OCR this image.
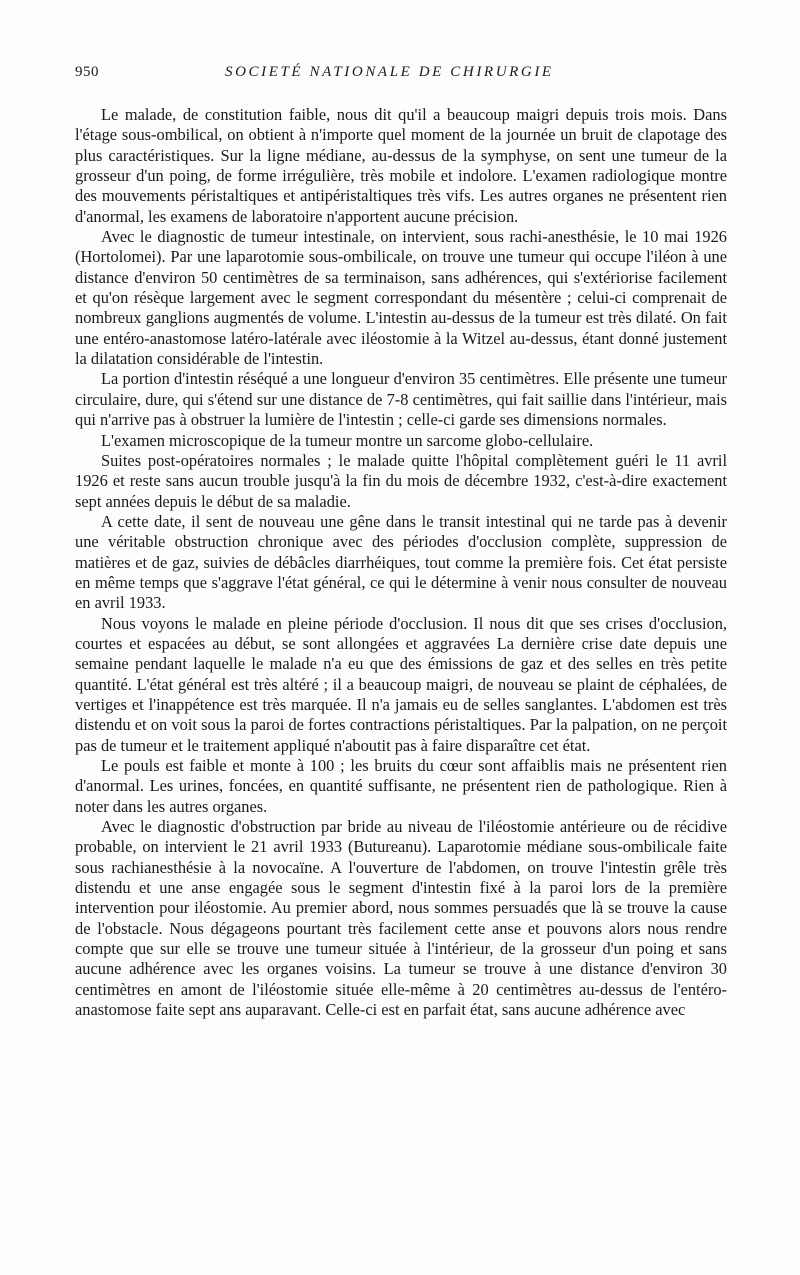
950	SOCIETÉ NATIONALE DE CHIRURGIE

Le malade, de constitution faible, nous dit qu'il a beaucoup maigri depuis trois mois. Dans l'étage sous-ombilical, on obtient à n'importe quel moment de la journée un bruit de clapotage des plus caractéristiques. Sur la ligne médiane, au-dessus de la symphyse, on sent une tumeur de la grosseur d'un poing, de forme irrégulière, très mobile et indolore. L'examen radiologique montre des mouvements péristaltiques et antipéristaltiques très vifs. Les autres organes ne présentent rien d'anormal, les examens de laboratoire n'apportent aucune précision.

Avec le diagnostic de tumeur intestinale, on intervient, sous rachi-anesthésie, le 10 mai 1926 (Hortolomei). Par une laparotomie sous-ombilicale, on trouve une tumeur qui occupe l'iléon à une distance d'environ 50 centimètres de sa terminaison, sans adhérences, qui s'extériorise facilement et qu'on résèque largement avec le segment correspondant du mésentère ; celui-ci comprenait de nombreux ganglions augmentés de volume. L'intestin au-dessus de la tumeur est très dilaté. On fait une entéro-anastomose latéro-latérale avec iléostomie à la Witzel au-dessus, étant donné justement la dilatation considérable de l'intestin.

La portion d'intestin réséqué a une longueur d'environ 35 centimètres. Elle présente une tumeur circulaire, dure, qui s'étend sur une distance de 7-8 centimètres, qui fait saillie dans l'intérieur, mais qui n'arrive pas à obstruer la lumière de l'intestin ; celle-ci garde ses dimensions normales.

L'examen microscopique de la tumeur montre un sarcome globo-cellulaire.

Suites post-opératoires normales ; le malade quitte l'hôpital complètement guéri le 11 avril 1926 et reste sans aucun trouble jusqu'à la fin du mois de décembre 1932, c'est-à-dire exactement sept années depuis le début de sa maladie.

A cette date, il sent de nouveau une gêne dans le transit intestinal qui ne tarde pas à devenir une véritable obstruction chronique avec des périodes d'occlusion complète, suppression de matières et de gaz, suivies de débâcles diarrhéiques, tout comme la première fois. Cet état persiste en même temps que s'aggrave l'état général, ce qui le détermine à venir nous consulter de nouveau en avril 1933.

Nous voyons le malade en pleine période d'occlusion. Il nous dit que ses crises d'occlusion, courtes et espacées au début, se sont allongées et aggravées La dernière crise date depuis une semaine pendant laquelle le malade n'a eu que des émissions de gaz et des selles en très petite quantité. L'état général est très altéré ; il a beaucoup maigri, de nouveau se plaint de céphalées, de vertiges et l'inappétence est très marquée. Il n'a jamais eu de selles sanglantes. L'abdomen est très distendu et on voit sous la paroi de fortes contractions péristaltiques. Par la palpation, on ne perçoit pas de tumeur et le traitement appliqué n'aboutit pas à faire disparaître cet état.

Le pouls est faible et monte à 100 ; les bruits du cœur sont affaiblis mais ne présentent rien d'anormal. Les urines, foncées, en quantité suffisante, ne présentent rien de pathologique. Rien à noter dans les autres organes.

Avec le diagnostic d'obstruction par bride au niveau de l'iléostomie antérieure ou de récidive probable, on intervient le 21 avril 1933 (Butureanu). Laparotomie médiane sous-ombilicale faite sous rachianesthésie à la novocaïne. A l'ouverture de l'abdomen, on trouve l'intestin grêle très distendu et une anse engagée sous le segment d'intestin fixé à la paroi lors de la première intervention pour iléostomie. Au premier abord, nous sommes persuadés que là se trouve la cause de l'obstacle. Nous dégageons pourtant très facilement cette anse et pouvons alors nous rendre compte que sur elle se trouve une tumeur située à l'intérieur, de la grosseur d'un poing et sans aucune adhérence avec les organes voisins. La tumeur se trouve à une distance d'environ 30 centimètres en amont de l'iléostomie située elle-même à 20 centimètres au-dessus de l'entéro-anastomose faite sept ans auparavant. Celle-ci est en parfait état, sans aucune adhérence avec
